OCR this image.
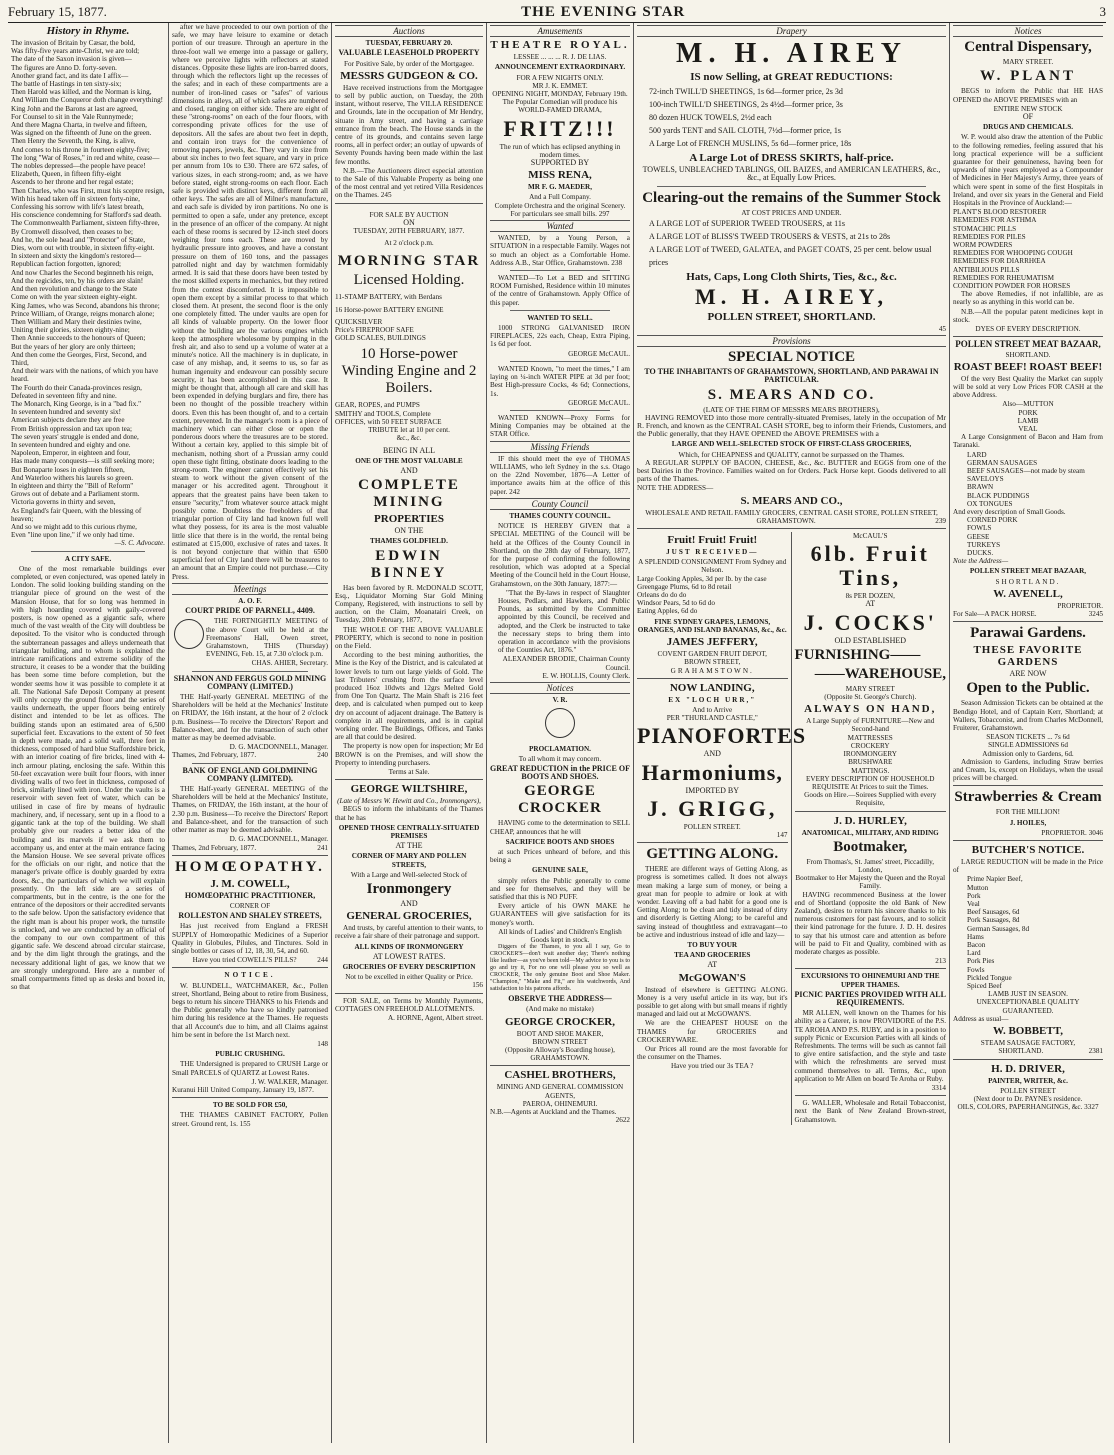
February 15, 1877.	THE EVENING STAR	3
History in Rhyme.
The invasion of Britain by Cæsar, the bold,
Was fifty-five years ante-Christ, we are told;
The date of the Saxon invasion is given—
The figures are Anno D. forty-seven.
Another grand fact, and its date I affix—
The battle of Hastings in ten sixty-six;
Then Harold was killed, and the Norman is king,
And William the Conqueror doth change everything!
King John and the Barons at last are agreed,
For Counsel to sit in the Vale Runnymede;
And there Magna Charta, in twelve and fifteen,
Was signed on the fifteenth of June on the green.
Then Henry the Seventh, the King, is alive,
And comes to his throne in fourteen eighty-five;
The long "War of Roses," in red and white, cease—
The nobles depressed—the people have peace!
Elizabeth, Queen, in fifteen fifty-eight
Ascends to her throne and her regal estate;
Then Charles, who was First, must his sceptre resign,
With his head taken off in sixteen forty-nine,
Confessing his sorrow with life's latest breath,
His conscience condemning for Stafford's sad death.
The Commonwealth Parliament, sixteen fifty-three,
By Cromwell dissolved, then ceases to be;
And he, the sole head and "Protector" of State,
Dies, worn out with trouble, in sixteen fifty-eight.
In sixteen and sixty the kingdom's restored—
Republican faction forgotten, ignored;
And now Charles the Second beginneth his reign,
And the regicides, ten, by his orders are slain!
And then revolution and change to the State
Come on with the year sixteen eighty-eight.
King James, who was Second, abandons his throne;
Prince William, of Orange, reigns monarch alone;
Then William and Mary their destinies twine,
Uniting their glories, sixteen eighty-nine;
Then Annie succeeds to the honours of Queen;
But the years of her glory are only thirteen;
And then come the Georges, First, Second, and Third,
And their wars with the nations, of which you have heard.
The Fourth do their Canada-provinces resign,
Defeated in seventeen fifty and nine.
The Monarch, King George, is in a "bad fix."
In seventeen hundred and seventy six!
American subjects declare they are free
From British oppression and tax upon tea;
The seven years' struggle is ended and done,
In seventeen hundred and eighty and one.
Napoleon, Emperor, in eighteen and four,
Has made many conquests—is still seeking more;
But Bonaparte loses in eighteen fifteen,
And Waterloo withers his laurels so green.
In eighteen and thirty the "Bill of Reform"
Grows out of debate and a Parliament storm.
Victoria governs in thirty and seven,
As England's fair Queen, with the blessing of heaven;
And so we might add to this curious rhyme,
Even "line upon line," if we only had time.
—S. C. Advocate.
A CITY SAFE.

One of the most remarkable buildings ever completed, or even conjectured, was opened lately in London. The solid looking building standing on the triangular piece of ground on the west of the Mansion House, that for so long was hemmed in with high hoarding covered with gaily-covered posters, is now opened as a gigantic safe, where much of the vast wealth of the City will doubtless be deposited. To the visitor who is conducted through the subterranean passages and alleys underneath that triangular building, and to whom is explained the intricate ramifications and extreme solidity of the structure, it ceases to be a wonder that the building has been some time before completion, but the wonder seems how it was possible to complete it at all. The National Safe Deposit Company at present will only occupy the ground floor and the series of vaults underneath, the upper floors being entirely distinct and intended to be let as offices. The building stands upon an estimated area of 6,500 superficial feet. Excavations to the extent of 50 feet in depth were made, and a solid wall, three feet in thickness, composed of hard blue Staffordshire brick, with an interior coating of fire bricks, lined with 4-inch armour plating, enclosing the safe. Within this 50-feet excavation were built four floors, with inner dividing walls of two feet in thickness, composed of brick, similarly lined with iron. Under the vaults is a reservoir with seven feet of water, which can be utilised in case of fire by means of hydraulic machinery, and, if necessary, sent up in a flood to a gigantic tank at the top of the building. We shall probably give our readers a better idea of the building and its marvels if we ask them to accompany us, and enter at the main entrance facing the Mansion House. We see several private offices for the officials on our right, and notice that the manager's private office is doubly guarded by extra doors, &c., the particulars of which we will explain presently. On the left side are a series of compartments, but in the centre, is the one for the entrance of the depositors or their accredited servants to the safe below. Upon the satisfactory evidence that the right man is about his proper work, the turnstile is unlocked, and we are conducted by an official of the company to our own compartment of this gigantic safe. We descend abroad circular staircase, and by the dim light through the gratings, and the necessary additional light of gas, we know that we are strongly underground. Here are a number of small compartments fitted up as desks and boxed in, so that

after we have proceeded to our own portion of the safe, we may have leisure to examine or detach portion of our treasure. Through an aperture in the three-foot wall we emerge into a passage or gallery, where we perceive lights with reflectors at stated distances. Opposite these lights are iron-barred doors, through which the reflectors light up the recesses of the safes; and in each of these compartments are a number of iron-lined cases or "safes" of various dimensions in alleys, all of which safes are numbered and closed, ranging on either side. There are eight of these "strong-rooms" on each of the four floors, with corresponding private offices for the use of depositors. All the safes are about two feet in depth, and contain iron trays for the convenience of removing papers, jewels, &c. They vary in size from about six inches to two feet square, and vary in price per annum from 10s to £30. There are 672 safes, of various sizes, in each strong-room; and, as we have before stated, eight strong-rooms on each floor. Each safe is provided with distinct keys, different from all other keys. The safes are all of Milner's manufacture, and each safe is divided by iron partitions. No one is permitted to open a safe, under any pretence, except in the presence of an officer of the company. At night each of these rooms is secured by 12-inch steel doors weighing four tons each. These are moved by hydraulic pressure into grooves, and have a constant pressure on them of 160 tons, and the passages patrolled night and day by watchmen formidably armed. It is said that these doors have been tested by the most skilled experts in mechanics, but they retired from the contest discomforted. It is impossible to open them except by a similar process to that which closed them. At present, the second floor is the only one completely fitted. The under vaults are open for all kinds of valuable property. On the lower floor without the building are the various engines which keep the atmosphere wholesome by pumping in the fresh air, and also to send up a volume of water at a minute's notice. All the machinery is in duplicate, in case of any mishap, and, it seems to us, so far as human ingenuity and endeavour can possibly secure security, it has been accomplished in this case. It might be thought that, although all care and skill has been expended in defying burglars and fire, there has been no thought of the possible treachery within doors. Even this has been thought of, and to a certain extent, prevented. In the manager's room is a piece of machinery which can either close or open the ponderous doors where the treasures are to be stored. Without a certain key, applied to this simple bit of mechanism, nothing short of a Prussian army could open these tight fitting, obstinate doors leading to the strong-room. The engineer cannot effectively set his steam to work without the given consent of the manager or his accredited agent. Throughout it appears that the greatest pains have been taken to ensure "security," from whatever source attack might possibly come. Doubtless the freeholders of that triangular portion of City land had known full well what they possess, for its area is the most valuable little slice that there is in the world, the rental being estimated at £15,000, exclusive of rates and taxes. It is not beyond conjecture that within that 6500 superficial feet of City land there will be treasures to an amount that an Empire could not purchase.—City Press.

Meetings
A. O. F.
COURT PRIDE OF PARNELL, 4409.

THE FORTNIGHTLY MEETING of the above Court will be held at the Freemasons' Hall, Owen street, Grahamstown, THIS (Thursday) EVENING, Feb. 15, at 7.30 o'clock p.m.

CHAS. AHIER, Secretary.
SHANNON AND FERGUS GOLD MINING COMPANY (LIMITED.)

THE Half-yearly GENERAL MEETING of the Shareholders will be held at the Mechanics' Institute on FRIDAY, the 16th instant, at the hour of 2 o'clock p.m. Business—To receive the Directors' Report and Balance-sheet, and for the transaction of such other matter as may be deemed advisable.

D. G. MACDONNELL, Manager.
Thames, 2nd February, 1877.	240
BANK OF ENGLAND GOLDMINING COMPANY (LIMITED).

THE Half-yearly GENERAL MEETING of the Shareholders will be held at the Mechanics' Institute, Thames, on FRIDAY, the 16th instant, at the hour of 2.30 p.m. Business—To receive the Directors' Report and Balance-sheet, and for the transaction of such other matter as may be deemed advisable.

D. G. MACDONNELL, Manager.
Thames, 2nd February, 1877.	241
HOMŒOPATHY.
J. M. COWELL,
HOMŒOPATHIC PRACTITIONER,
CORNER OF
ROLLESTON AND SHALEY STREETS,

Has just received from England a FRESH SUPPLY of Homœopathic Medicines of a Superior Quality in Globules, Pilules, and Tinctures. Sold in single bottles or cases of 12, 18, 30, 54, and 60.

Have you tried COWELL'S PILLS?	244
NOTICE.

W. BLUNDELL, WATCHMAKER, &c., Pollen street, Shortland, Being about to retire from Business, begs to return his sincere THANKS to his Friends and the Public generally who have so kindly patronised him during his residence at the Thames. He requests that all Account's due to him, and all Claims against him be sent in before the 1st March next.

148
PUBLIC CRUSHING.

THE Undersigned is prepared to CRUSH Large or Small PARCELS of QUARTZ at Lowest Rates.

J. W. WALKER, Manager.
Kuranui Hill United Company, January 19, 1877.
TO BE SOLD FOR £50,

THE THAMES CABINET FACTORY, Pollen street. Ground rent, 1s. 155

Auctions
TUESDAY, FEBRUARY 20.
VALUABLE LEASEHOLD PROPERTY
For Positive Sale, by order of the Mortgagee.
MESSRS GUDGEON & CO.

Have received instructions from the Mortgagee to sell by public auction, on Tuesday, the 20th instant, without reserve, The VILLA RESIDENCE and Grounds, late in the occupation of Mr Hendry, situate in Amy street, and having a carriage entrance from the beach. The House stands in the centre of its grounds, and contains seven large rooms, all in perfect order; an outlay of upwards of Seventy Pounds having been made within the last few months.

N.B.—The Auctioneers direct especial attention to the Sale of this Valuable Property as being one of the most central and yet retired Villa Residences on the Thames. 245

FOR SALE BY AUCTION
ON
TUESDAY, 20TH FEBRUARY, 1877.
At 2 o'clock p.m.
MORNING STAR
Licensed Holding.
11-STAMP BATTERY, with Berdans
16 Horse-power BATTERY ENGINE
QUICKSILVER
Price's FIREPROOF SAFE
GOLD SCALES, BUILDINGS
10 Horse-power Winding Engine and 2 Boilers.
GEAR, ROPES, and PUMPS
SMITHY and TOOLS, Complete
OFFICES, with 50 FEET SURFACE
TRIBUTE let at 10 per cent.
&c., &c.
BEING IN ALL
ONE OF THE MOST VALUABLE
AND
COMPLETE MINING
PROPERTIES
ON THE
THAMES GOLDFIELD.
EDWIN BINNEY

Has been favored by R. McDONALD SCOTT, Esq., Liquidator Morning Star Gold Mining Company, Registered, with instructions to sell by auction, on the Claim, Moanatairi Creek, on Tuesday, 20th February, 1877,

THE WHOLE OF THE ABOVE VALUABLE PROPERTY, which is second to none in position on the Field.

According to the best mining authorities, the Mine is the Key of the District, and is calculated at lower levels to turn out large yields of Gold. The last Tributers' crushing from the surface level produced 16oz 10dwts and 12grs Melted Gold from One Ton Quartz. The Main Shaft is 216 feet deep, and is calculated when pumped out to keep dry on account of adjacent drainage. The Battery is complete in all requirements, and is in capital working order. The Buildings, Offices, and Tanks are all that could be desired.

The property is now open for inspection; Mr Ed BROWN is on the Premises, and will show the Property to intending purchasers.

Terms at Sale.
GEORGE WILTSHIRE,
(Late of Messrs W. Hewitt and Co., Ironmongers),

BEGS to inform the inhabitants of the Thames that he has

OPENED THOSE CENTRALLY-SITUATED PREMISES
AT THE
CORNER OF MARY AND POLLEN STREETS,
With a Large and Well-selected Stock of
Ironmongery
AND
GENERAL GROCERIES,

And trusts, by careful attention to their wants, to receive a fair share of their patronage and support.

ALL KINDS OF IRONMONGERY
AT LOWEST RATES.
GROCERIES OF EVERY DESCRIPTION
Not to be excelled in either Quality or Price.
156

FOR SALE, on Terms by Monthly Payments, COTTAGES ON FREEHOLD ALLOTMENTS.

A. HORNE, Agent, Albert street.
Amusements
THEATRE ROYAL.
LESSEE ... ... ... R. J. DE LIAS.
ANNOUNCEMENT EXTRAORDINARY.
FOR A FEW NIGHTS ONLY.
MR J. K. EMMET.
OPENING NIGHT, MONDAY, February 19th.
The Popular Comedian will produce his WORLD-FAMED DRAMA,
FRITZ!!!
The run of which has eclipsed anything in modern times.
SUPPORTED BY
MISS RENA,
MR F. G. MAEDER,
And a Full Company.
Complete Orchestra and the original Scenery. For particulars see small bills. 297
Wanted

WANTED, by a Young Person, a SITUATION in a respectable Family. Wages not so much an object as a Comfortable Home. Address A.B., Star Office, Grahamstown. 238

WANTED—To Let a BED and SITTING ROOM Furnished, Residence within 10 minutes of the centre of Grahamstown. Apply Office of this paper.

WANTED TO SELL.

1000 STRONG GALVANISED IRON FIREPLACES, 22s each, Cheap, Extra Piping, 1s 6d per foot.

GEORGE McCAUL.

WANTED Known, "to meet the times," I am laying on ¼-inch WATER PIPE at 3d per foot; Best High-pressure Cocks, 4s 6d; Connections, 1s.

GEORGE McCAUL.

WANTED KNOWN—Proxy Forms for Mining Companies may be obtained at the STAR Office.

Missing Friends

IF this should meet the eye of THOMAS WILLIAMS, who left Sydney in the s.s. Otago on the 22nd November, 1876—A Letter of importance awaits him at the office of this paper. 242

County Council
THAMES COUNTY COUNCIL.

NOTICE IS HEREBY GIVEN that a SPECIAL MEETING of the Council will be held at the Offices of the County Council in Shortland, on the 28th day of February, 1877, for the purpose of confirming the following resolution, which was adopted at a Special Meeting of the Council held in the Court House, Grahamstown, on the 30th January, 1877:—

"That the By-laws in respect of Slaughter Houses, Pedlars, and Hawkers, and Public Pounds, as submitted by the Committee appointed by this Council, be received and adopted, and the Clerk be instructed to take the necessary steps to bring them into operation in accordance with the provisions of the Counties Act, 1876."

ALEXANDER BRODIE, Chairman County Council.
E. W. HOLLIS, County Clerk.
Notices
V. R.
PROCLAMATION.
To all whom it may concern.
GREAT REDUCTION in the PRICE OF BOOTS AND SHOES.
GEORGE CROCKER

HAVING come to the determination to SELL CHEAP, announces that he will

SACRIFICE BOOTS AND SHOES

at such Prices unheard of before, and this being a

GENUINE SALE,

simply refers the Public generally to come and see for themselves, and they will be satisfied that this is NO PUFF.

Every article of his OWN MAKE he GUARANTEES will give satisfaction for its money's worth.

All kinds of Ladies' and Children's English Goods kept in stock.

Diggers of the Thames, to you all I say, Go to CROCKER'S—don't wait another day; There's nothing like leather—as you've been told—My advice to you is to go and try it, For no one will please you so well as CROCKER, The only genuine Boot and Shoe Maker. "Champion," "Make and Fit," are his watchwords, And satisfaction to his patrons affords.

OBSERVE THE ADDRESS—
(And make no mistake)
GEORGE CROCKER,
BOOT AND SHOE MAKER,
BROWN STREET
(Opposite Alloway's Boarding house),
GRAHAMSTOWN.
CASHEL BROTHERS,
MINING AND GENERAL COMMISSION AGENTS,
PAEROA, OHINEMURI.
N.B.—Agents at Auckland and the Thames.
2622
Drapery
M. H. AIREY
IS now Selling, at GREAT REDUCTIONS:
72-inch TWILL'D SHEETINGS, 1s 6d—former price, 2s 3d
100-inch TWILL'D SHEETINGS, 2s 4½d—former price, 3s
80 dozen HUCK TOWELS, 2½d each
500 yards TENT and SAIL CLOTH, 7½d—former price, 1s
A Large Lot of FRENCH MUSLINS, 5s 6d—former price, 18s
A Large Lot of DRESS SKIRTS, half-price.
TOWELS, UNBLEACHED TABLINGS, OIL BAIZES, and AMERICAN LEATHERS, &c., &c., at Equally Low Prices.
Clearing-out the remains of the Summer Stock
AT COST PRICES AND UNDER.
A LARGE LOT of SUPERIOR TWEED TROUSERS, at 11s
A LARGE LOT of BLISS'S TWEED TROUSERS & VESTS, at 21s to 28s
A LARGE LOT of TWEED, GALATEA, and PAGET COATS, 25 per cent. below usual prices
Hats, Caps, Long Cloth Shirts, Ties, &c., &c.
M. H. AIREY,
POLLEN STREET, SHORTLAND.
45
Provisions
SPECIAL NOTICE
TO THE INHABITANTS OF GRAHAMSTOWN, SHORTLAND, AND PARAWAI IN PARTICULAR.
S. MEARS AND CO.
(LATE OF THE FIRM OF MESSRS MEARS BROTHERS),

HAVING REMOVED into those more centrally-situated Premises, lately in the occupation of Mr R. French, and known as the CENTRAL CASH STORE, beg to inform their Friends, Customers, and the Public generally, that they HAVE OPENED the ABOVE PREMISES with a

LARGE AND WELL-SELECTED STOCK OF FIRST-CLASS GROCERIES,
Which, for CHEAPNESS and QUALITY, cannot be surpassed on the Thames.

A REGULAR SUPPLY OF BACON, CHEESE, &c., &c. BUTTER and EGGS from one of the best Dairies in the Province. Families waited on for Orders. Pack Horse kept. Goods delivered to all parts of the Thames.

NOTE THE ADDRESS—
S. MEARS AND CO.,
WHOLESALE AND RETAIL FAMILY GROCERS, CENTRAL CASH STORE, POLLEN STREET, GRAHAMSTOWN.	239
Fruit! Fruit! Fruit!
JUST RECEIVED—
A SPLENDID CONSIGNMENT From Sydney and Nelson.
Large Cooking Apples, 3d per lb. by the case
Greengage Plums, 6d to 8d retail
Orleans do do do
Windsor Pears, 5d to 6d do
Eating Apples, 6d do
FINE SYDNEY GRAPES, LEMONS, ORANGES, AND ISLAND BANANAS, &c., &c.
JAMES JEFFERY,
COVENT GARDEN FRUIT DEPOT,
BROWN STREET,
GRAHAMSTOWN.
NOW LANDING,
EX "LOCH URR,"
And to Arrive
PER "THURLAND CASTLE,"
PIANOFORTES
AND
Harmoniums,
IMPORTED BY
J. GRIGG,
POLLEN STREET.
147
GETTING ALONG.

THERE are different ways of Getting Along, as progress is sometimes called. It does not always mean making a large sum of money, or being a great man for people to admire or look at with wonder. Leaving off a bad habit for a good one is Getting Along; to be clean and tidy instead of dirty and disorderly is Getting Along; to be careful and saving instead of thoughtless and extravagant—to be active and industrious instead of idle and lazy—

TO BUY YOUR
TEA AND GROCERIES
AT
McGOWAN'S

Instead of elsewhere is GETTING ALONG. Money is a very useful article in its way, but it's possible to get along with but small means if rightly managed and laid out at McGOWAN'S.

We are the CHEAPEST HOUSE on the THAMES for GROCERIES and CROCKERYWARE.

Our Prices all round are the most favorable for the consumer on the Thames.

Have you tried our 3s TEA ?
McCAUL'S
6lb. Fruit Tins,
8s PER DOZEN,
AT
J. COCKS'
OLD ESTABLISHED
FURNISHING——
——WAREHOUSE,
MARY STREET
(Opposite St. George's Church).
ALWAYS ON HAND,
A Large Supply of FURNITURE—New and Second-hand
MATTRESSES
CROCKERY
IRONMONGERY
BRUSHWARE
MATTINGS.
EVERY DESCRIPTION OF HOUSEHOLD REQUISITE At Prices to suit the Times.
Goods on Hire.—Soirees Supplied with every Requisite,
J. D. HURLEY,
ANATOMICAL, MILITARY, AND RIDING
Bootmaker,
From Thomas's, St. James' street, Piccadilly, London,
Bootmaker to Her Majesty the Queen and the Royal Family.

HAVING recommenced Business at the lower end of Shortland (opposite the old Bank of New Zealand), desires to return his sincere thanks to his numerous customers for past favours, and to solicit their kind patronage for the future. J. D. H. desires to say that his utmost care and attention as before will be paid to Fit and Quality, combined with as moderate charges as possible.

213
EXCURSIONS TO OHINEMURI AND THE UPPER THAMES.
PICNIC PARTIES PROVIDED WITH ALL REQUIREMENTS.

MR ALLEN, well known on the Thames for his ability as a Caterer, is now PROVIDORE of the P.S. TE AROHA AND P.S. RUBY, and is in a position to supply Picnic or Excursion Parties with all kinds of Refreshments. The terms will be such as cannot fail to give entire satisfaction, and the style and taste with which the refreshments are served must commend themselves to all. Terms, &c., upon application to Mr Allen on board Te Aroha or Ruby.

3314

G. WALLER, Wholesale and Retail Tobacconist, next the Bank of New Zealand Brown-street, Grahamstown.

Notices
Central Dispensary,
MARY STREET.
W. PLANT

BEGS to inform the Public that HE HAS OPENED the ABOVE PREMISES with an

ENTIRE NEW STOCK
OF
DRUGS AND CHEMICALS.

W. P. would also draw the attention of the Public to the following remedies, feeling assured that his long practical experience will be a sufficient guarantee for their genuineness, having been for upwards of nine years employed as a Compounder of Medicines in Her Majesty's Army, three years of which were spent in some of the first Hospitals in Ireland, and over six years in the General and Field Hospitals in the Province of Auckland:—

PLANT'S BLOOD RESTORER
REMEDIES FOR ASTHMA
STOMACHIC PILLS
REMEDIES FOR PILES
WORM POWDERS
REMEDIES FOR WHOOPING COUGH
REMEDIES FOR DIARRHŒA
ANTIBILIOUS PILLS
REMEDIES FOR RHEUMATISM
CONDITION POWDER FOR HORSES

The above Remedies, if not infallible, are as nearly so as anything in this world can be.

N.B.—All the popular patent medicines kept in stock.

DYES OF EVERY DESCRIPTION.
POLLEN STREET MEAT BAZAAR,
SHORTLAND.
ROAST BEEF! ROAST BEEF!

Of the very Best Quality the Market can supply will be sold at very Low Prices FOR CASH at the above Address.

Also—MUTTON
PORK
LAMB
VEAL

A Large Consignment of Bacon and Ham from Taranaki.

LARD
GERMAN SAUSAGES
BEEF SAUSAGES—not made by steam
SAVELOYS
BRAWN
BLACK PUDDINGS
OX TONGUES
And every description of Small Goods.
CORNED PORK
FOWLS
GEESE
TURKEYS
DUCKS.
Note the Address—
POLLEN STREET MEAT BAZAAR,
SHORTLAND.
W. AVENELL,
PROPRIETOR.
For Sale—A PACK HORSE.	3245
Parawai Gardens.
THESE FAVORITE GARDENS
ARE NOW
Open to the Public.

Season Admission Tickets can be obtained at the Bendigo Hotel, and of Captain Kerr, Shortland; at Wallers, Tobacconist, and from Charles McDonnell, Fruiterer, Grahamstown.

SEASON TICKETS ... 7s 6d
SINGLE ADMISSIONS 6d
Admission only to Gardens, 6d.

Admission to Gardens, including Straw berries and Cream, 1s, except on Holidays, when the usual prices will be charged.

Strawberries & Cream
FOR THE MILLION!
J. HOILES,
PROPRIETOR. 3046
BUTCHER'S NOTICE.

LARGE REDUCTION will be made in the Price of

Prime Napier Beef,
Mutton
Pork
Veal
Beef Sausages, 6d
Pork Sausages, 8d
German Sausages, 8d
Hams
Bacon
Lard
Pork Pies
Fowls
Pickled Tongue
Spiced Beef
LAMB JUST IN SEASON.
UNEXCEPTIONABLE QUALITY GUARANTEED.
Address as usual—
W. BOBBETT,
STEAM SAUSAGE FACTORY,
SHORTLAND.	2381
H. D. DRIVER,
PAINTER, WRITER, &c.
POLLEN STREET
(Next door to Dr. PAYNE's residence.
OILS, COLORS, PAPERHANGINGS, &c. 3327
